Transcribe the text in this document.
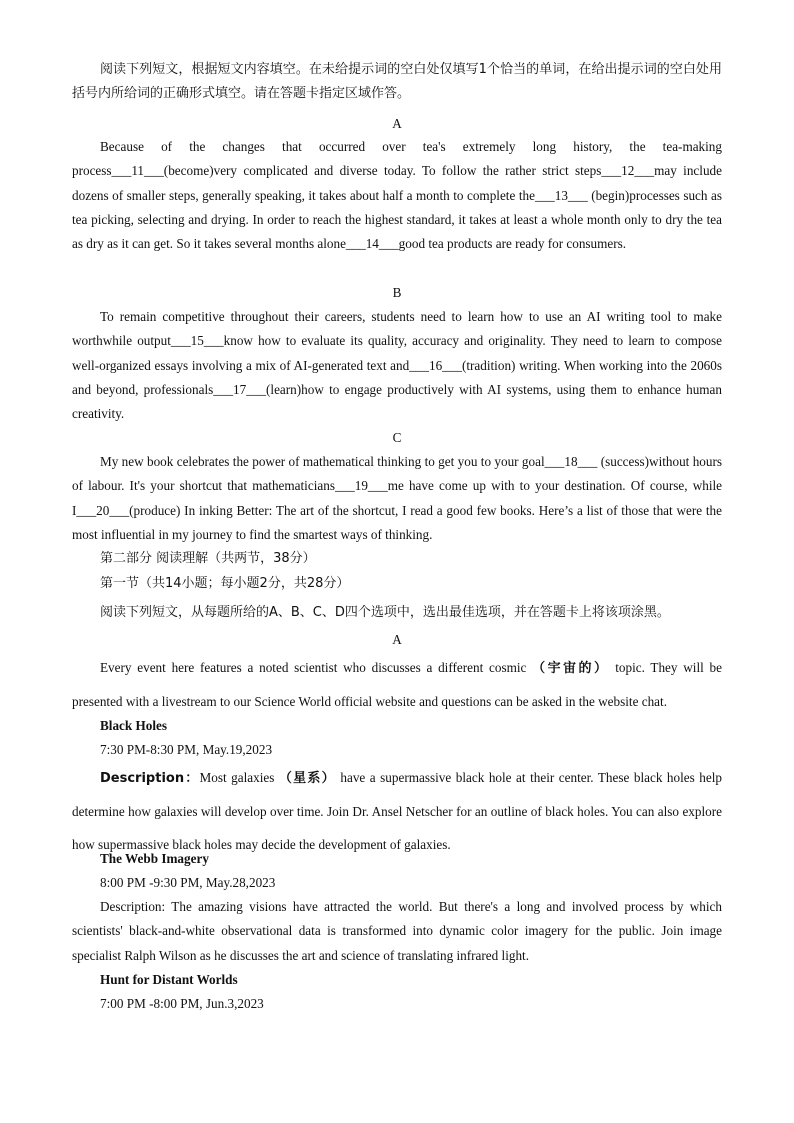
阅读下列短文，根据短文内容填空。在未给提示词的空白处仅填写1个恰当的单词，在给出提示词的空白处用括号内所给词的正确形式填空。请在答题卡指定区域作答。

A

Because of the changes that occurred over tea's extremely long history, the tea-making process___11___(become)very complicated and diverse today. To follow the rather strict steps___12___may include dozens of smaller steps, generally speaking, it takes about half a month to complete the___13___ (begin)processes such as tea picking, selecting and drying. In order to reach the highest standard, it takes at least a whole month only to dry the tea as dry as it can get. So it takes several months alone___14___good tea products are ready for consumers.

B

To remain competitive throughout their careers, students need to learn how to use an AI writing tool to make worthwhile output___15___know how to evaluate its quality, accuracy and originality. They need to learn to compose well-organized essays involving a mix of AI-generated text and___16___(tradition) writing. When working into the 2060s and beyond, professionals___17___(learn)how to engage productively with AI systems, using them to enhance human creativity.

C

My new book celebrates the power of mathematical thinking to get you to your goal___18___ (success)without hours of labour. It's your shortcut that mathematicians___19___me have come up with to your destination. Of course, while I___20___(produce) In inking Better: The art of the shortcut, I read a good few books. Here’s a list of those that were the most influential in my journey to find the smartest ways of thinking.

第二部分 阅读理解（共两节，38分）

第一节（共14小题；每小题2分，共28分）

阅读下列短文，从每题所给的A、B、C、D四个选项中，选出最佳选项，并在答题卡上将该项涂黑。

A

Every event here features a noted scientist who discusses a different cosmic （宇宙的） topic. They will be presented with a livestream to our Science World official website and questions can be asked in the website chat.

Black Holes

7:30 PM-8:30 PM, May.19,2023

Description：Most galaxies （星系） have a supermassive black hole at their center. These black holes help determine how galaxies will develop over time. Join Dr. Ansel Netscher for an outline of black holes. You can also explore how supermassive black holes may decide the development of galaxies.

The Webb Imagery

8:00 PM -9:30 PM, May.28,2023

Description: The amazing visions have attracted the world. But there's a long and involved process by which scientists' black-and-white observational data is transformed into dynamic color imagery for the public. Join image specialist Ralph Wilson as he discusses the art and science of translating infrared light.

Hunt for Distant Worlds

7:00 PM -8:00 PM, Jun.3,2023
